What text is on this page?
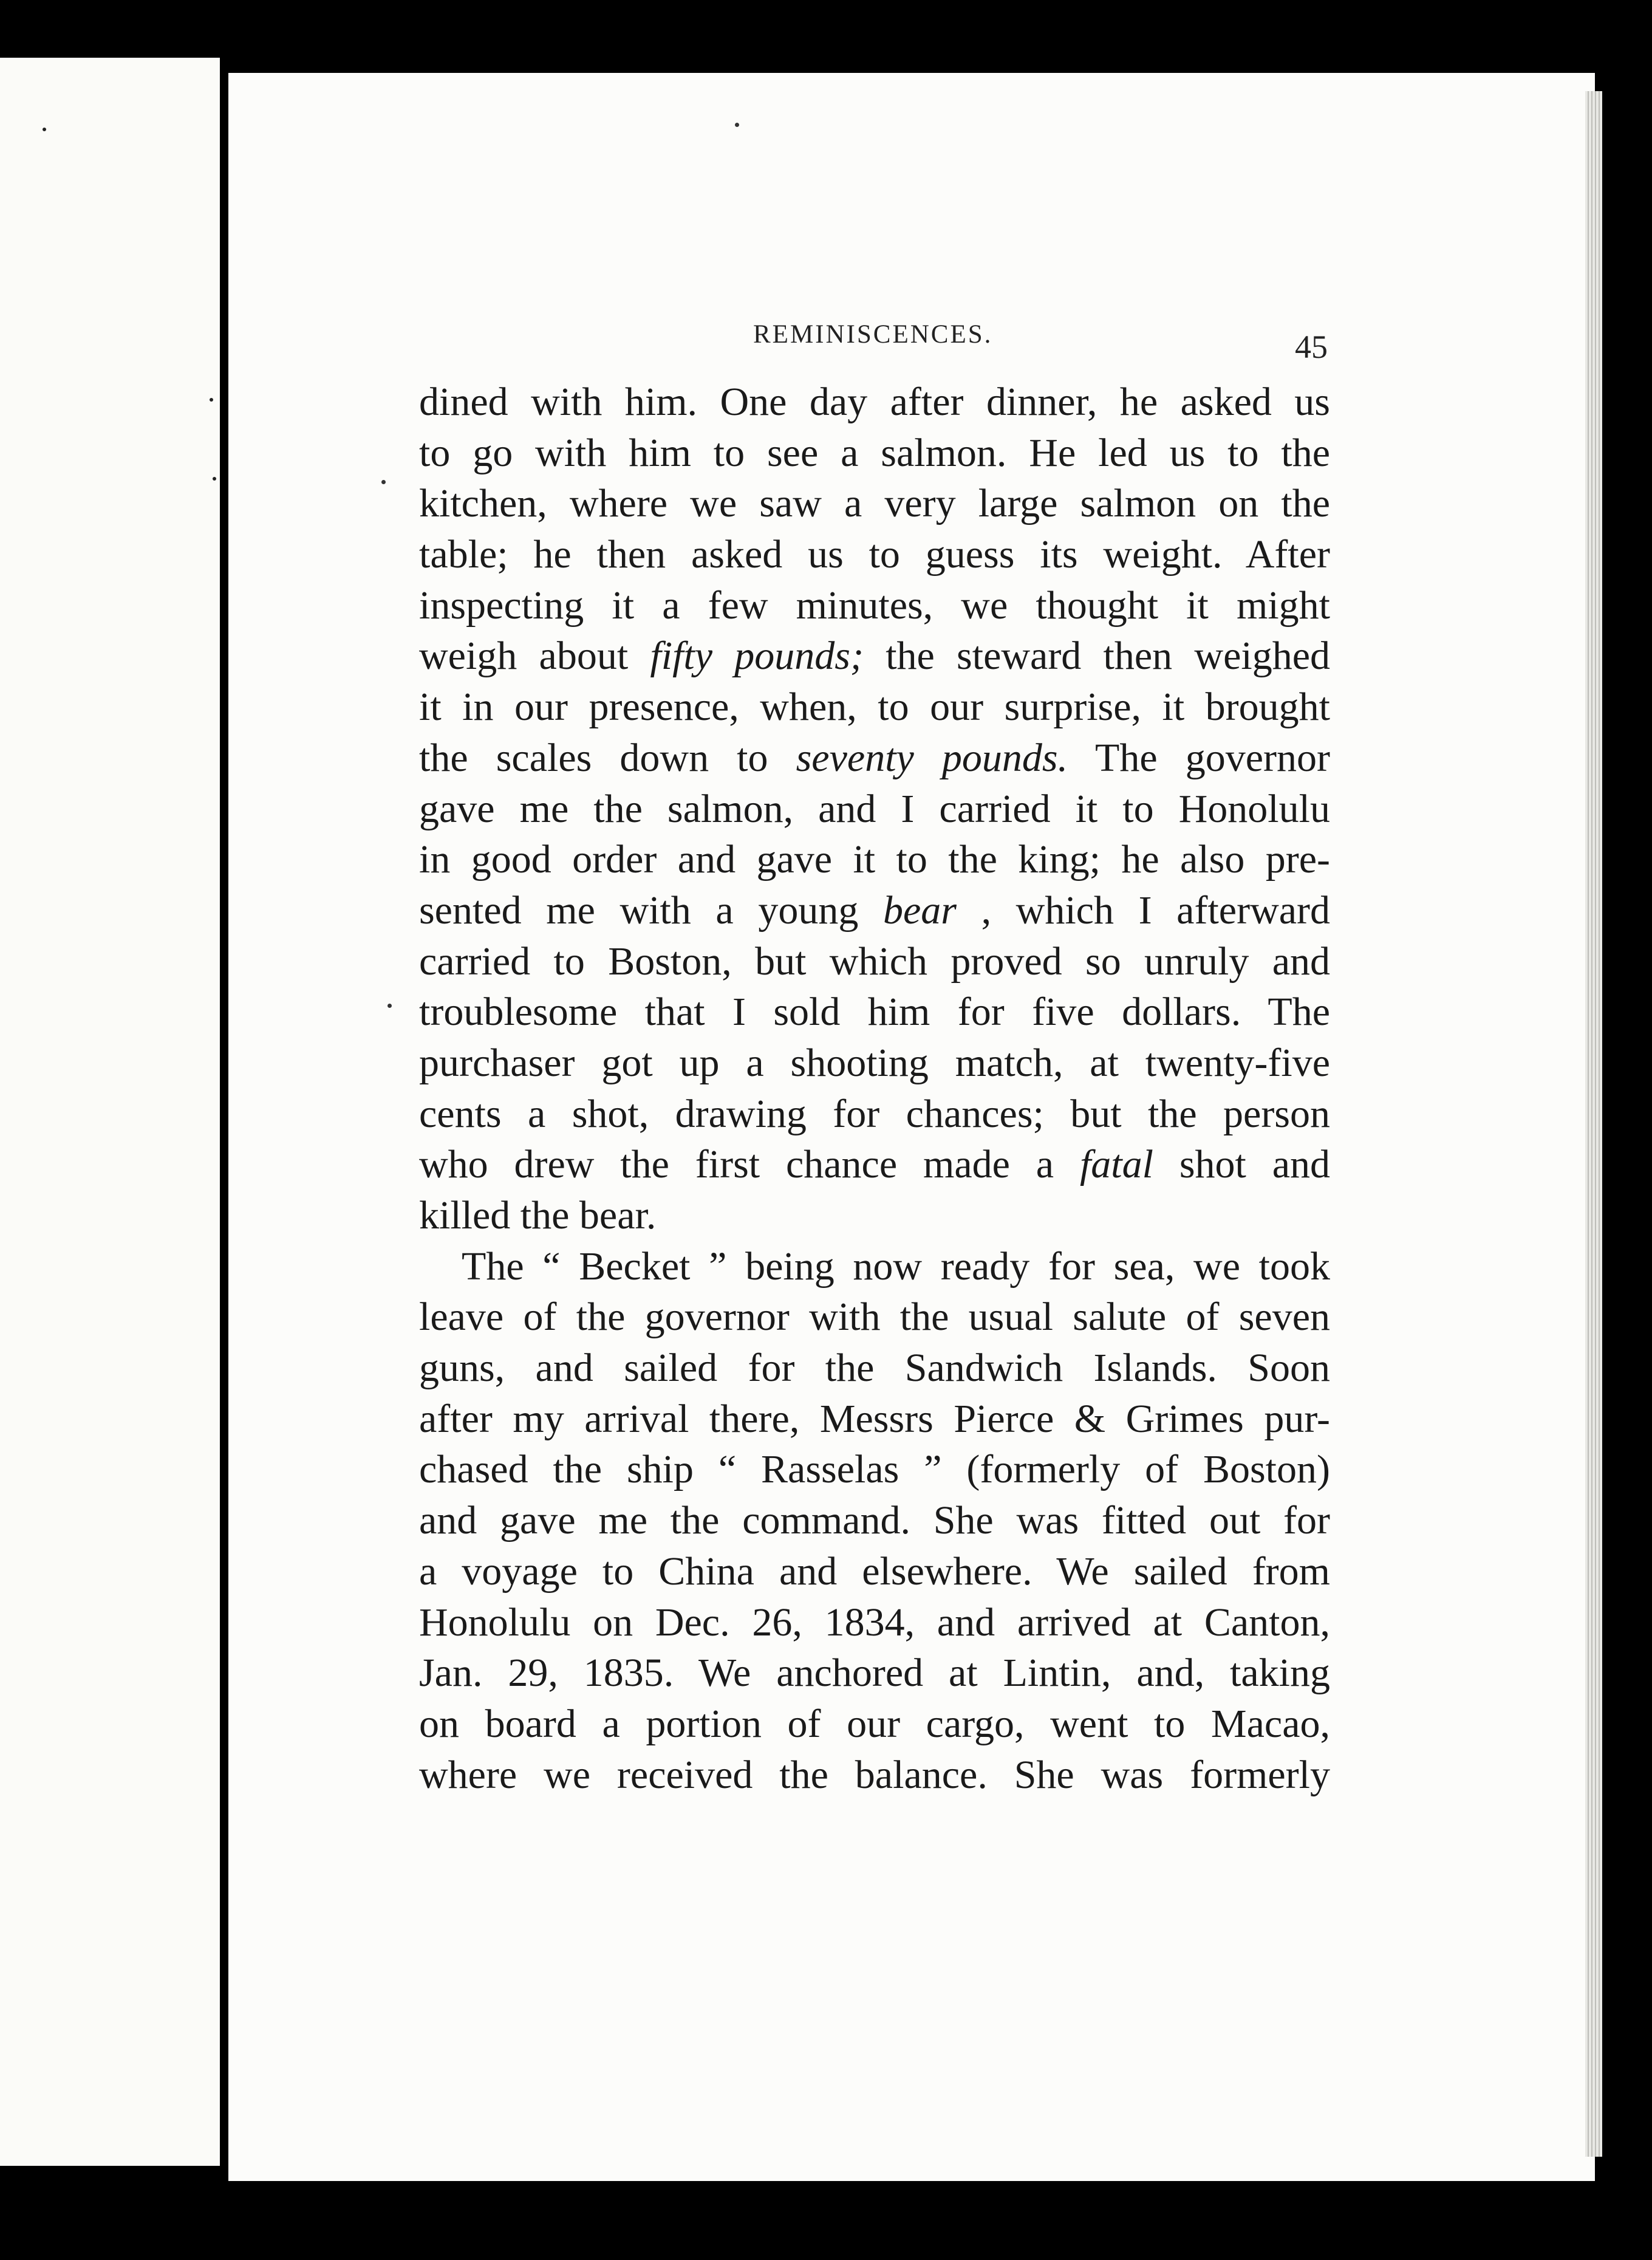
REMINISCENCES.	45
dined with him. One day after dinner, he asked us
to go with him to see a salmon. He led us to the
kitchen, where we saw a very large salmon on the
table; he then asked us to guess its weight. After
inspecting it a few minutes, we thought it might
weigh about fifty pounds; the steward then weighed
it in our presence, when, to our surprise, it brought
the scales down to seventy pounds. The governor
gave me the salmon, and I carried it to Honolulu
in good order and gave it to the king; he also pre-
sented me with a young bear , which I afterward
carried to Boston, but which proved so unruly and
troublesome that I sold him for five dollars. The
purchaser got up a shooting match, at twenty-five
cents a shot, drawing for chances; but the person
who drew the first chance made a fatal shot and
killed the bear.
The “ Becket ” being now ready for sea, we took
leave of the governor with the usual salute of seven
guns, and sailed for the Sandwich Islands. Soon
after my arrival there, Messrs Pierce & Grimes pur-
chased the ship “ Rasselas ” (formerly of Boston)
and gave me the command. She was fitted out for
a voyage to China and elsewhere. We sailed from
Honolulu on Dec. 26, 1834, and arrived at Canton,
Jan. 29, 1835. We anchored at Lintin, and, taking
on board a portion of our cargo, went to Macao,
where we received the balance. She was formerly
